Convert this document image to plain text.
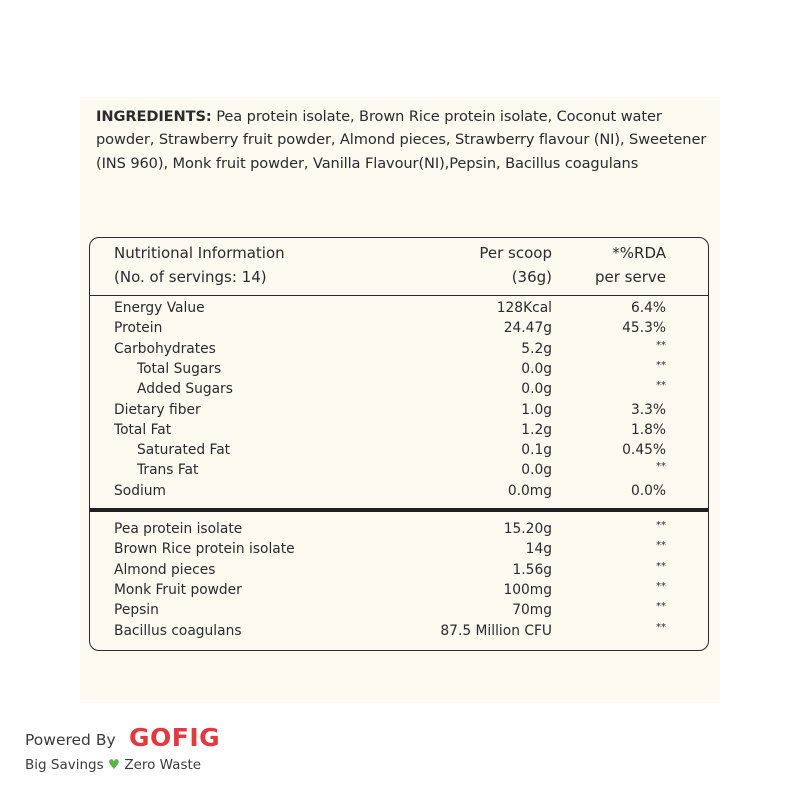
INGREDIENTS: Pea protein isolate, Brown Rice protein isolate, Coconut water powder, Strawberry fruit powder, Almond pieces, Strawberry flavour (NI), Sweetener (INS 960), Monk fruit powder, Vanilla Flavour(NI),Pepsin, Bacillus coagulans

Nutritional Information	Per scoop	*%RDA
(No. of servings: 14)	(36g)	per serve
Energy Value	128Kcal	6.4%
Protein	24.47g	45.3%
Carbohydrates	5.2g	**
Total Sugars	0.0g	**
Added Sugars	0.0g	**
Dietary fiber	1.0g	3.3%
Total Fat	1.2g	1.8%
Saturated Fat	0.1g	0.45%
Trans Fat	0.0g	**
Sodium	0.0mg	0.0%
Pea protein isolate	15.20g	**
Brown Rice protein isolate	14g	**
Almond pieces	1.56g	**
Monk Fruit powder	100mg	**
Pepsin	70mg	**
Bacillus coagulans	87.5 Million CFU	**
Powered By GOFIG
Big Savings ♥ Zero Waste
